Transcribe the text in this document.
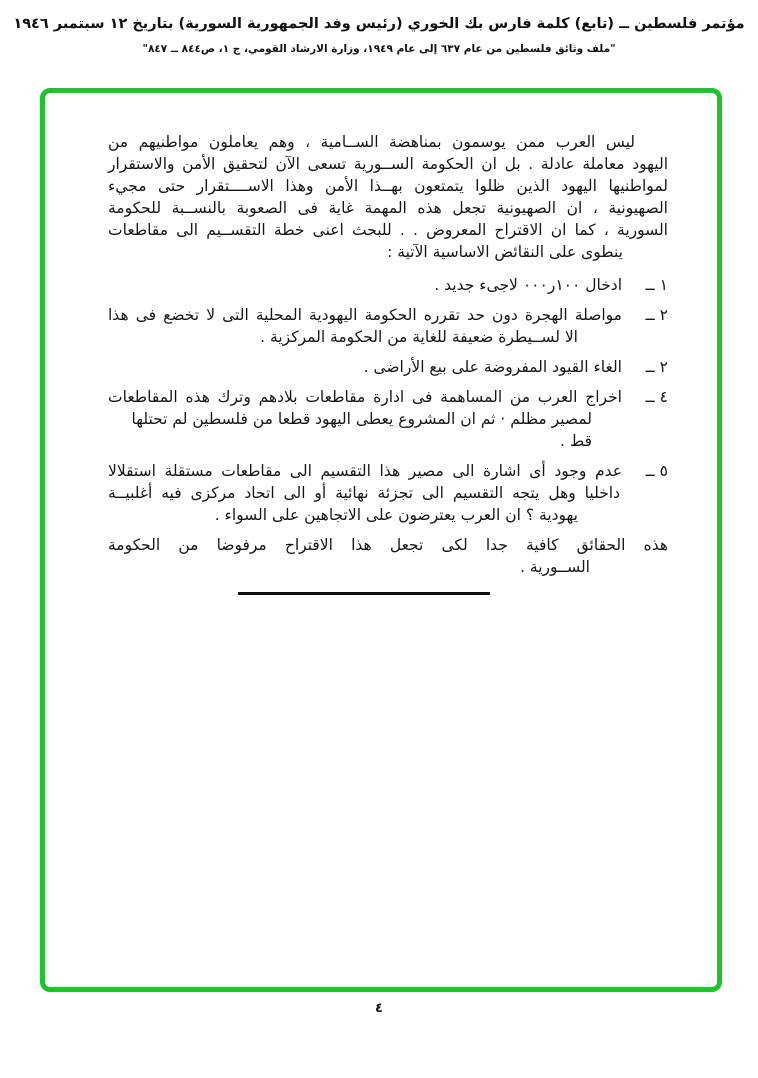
مؤتمر فلسطين ــ (تابع) كلمة فارس بك الخوري (رئيس وفد الجمهورية السورية) بتاريخ ١٢ سبتمبر ١٩٤٦
"ملف وثائق فلسطين من عام ٦٣٧ إلى عام ١٩٤٩، وزارة الارشاد القومي، ج ١، ص٨٤٤ ــ ٨٤٧"
ليس العرب ممن يوسمون بمناهضة الســامية ، وهم يعاملون مواطنيهم من
اليهود معاملة عادلة . بل ان الحكومة الســورية تسعى الآن لتحقيق الأمن والاستقرار
لمواطنيها اليهود الذين ظلوا يتمتعون بهــذا الأمن وهذا الاســــتقرار حتى مجيء
الصهيونية ، ان الصهيونية تجعل هذه المهمة غاية فى الصعوبة بالنســبة للحكومة
السورية ، كما ان الاقتراح المعروض . . للبحث اعنى خطة التقســيم الى مقاطعات
ينطوى على النقائض الاساسية الآتية :
١ــ
ادخال ١٠٠ر٠٠٠ لاجىء جديد .
٢ــ
مواصلة الهجرة دون حد تقرره الحكومة اليهودية المحلية التى لا تخضع فى هذا
الا لســيطرة ضعيفة للغاية من الحكومة المركزية .
٢ــ
الغاء القيود المفروضة على بيع الأراضى .
٤ــ
اخراج العرب من المساهمة فى ادارة مقاطعات بلادهم وترك هذه المقاطعات
لمصير مظلم · ثم ان المشروع يعطى اليهود قطعا من فلسطين لم تحتلها قط .
٥ــ
عدم وجود أى اشارة الى مصير هذا التقسيم الى مقاطعات مستقلة استقلالا
داخليا وهل يتجه التقسيم الى تجزئة نهائية أو الى اتحاد مركزى فيه أغلبيــة
يهودية ؟ ان العرب يعترضون على الاتجاهين على السواء .
هذه الحقائق كافية جدا لكى تجعل هذا الاقتراح مرفوضا من الحكومة
الســورية .
٤
